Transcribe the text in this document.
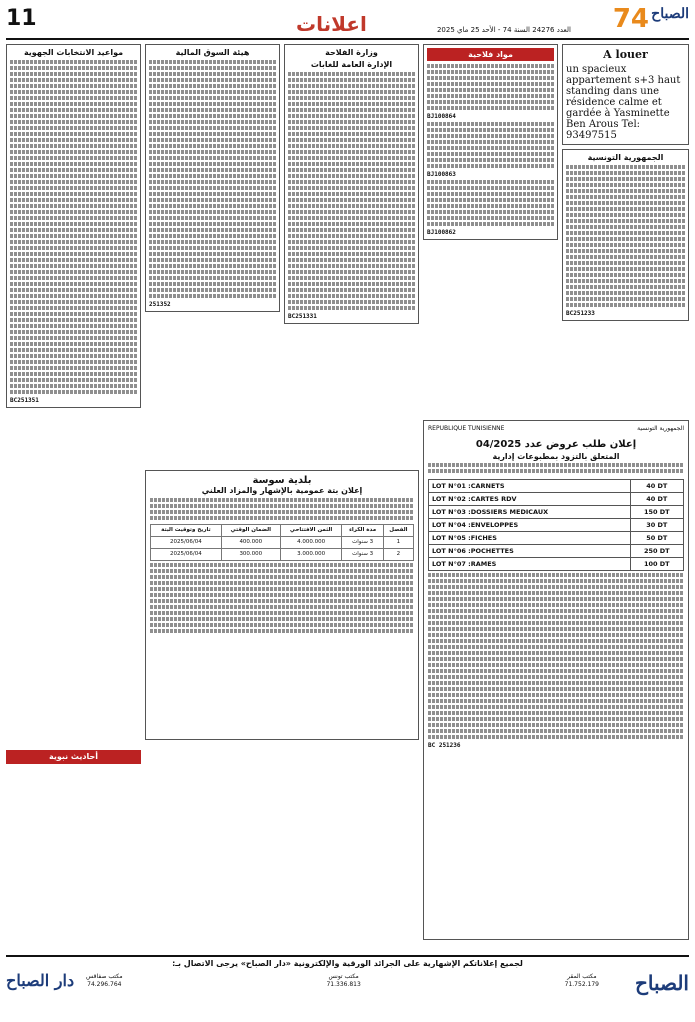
74 الصباح
العدد 24276 السنة 74 - الأحد 25 ماي 2025
اعلانات
11
مواعيد الانتخابات الجهوية
BC251351
هيئة السوق المالية
251352
وزارة الفلاحة
الإدارة العامة للغابات
BC251331
مواد فلاحية
BJ100864
BJ100863
BJ100862
A louer
un spacieux appartement s+3 haut standing dans une résidence calme et gardée à Yasminette Ben Arous Tel: 93497515
الجمهورية التونسية
BC251233
بلدية سوسة
إعلان بتة عمومية بالإشهار والمزاد العلني
الفصل	مدة الكراء	الثمن الافتتاحي	الضمان الوقتي	تاريخ وتوقيت البتة
1	3 سنوات	4.000.000	400.000	2025/06/04
2	3 سنوات	3.000.000	300.000	2025/06/04
الجمهورية التونسية
REPUBLIQUE TUNISIENNE
إعلان طلب عروض عدد 04/2025
المتعلق بالتزود بمطبوعات إدارية
40 DT	LOT N°01 :CARNETS
40 DT	LOT N°02 :CARTES RDV
150 DT	LOT N°03 :DOSSIERS MEDICAUX
30 DT	LOT N°04 :ENVELOPPES
50 DT	LOT N°05 :FICHES
250 DT	LOT N°06 :POCHETTES
100 DT	LOT N°07 :RAMES
BC 251236
أحاديث نبوية
لجميع إعلاناتكم الإشهارية على الجرائد الورقية والإلكترونية «دار الصباح» يرجى الاتصال بـ:
الصباح
دار الصباح	مكتب المقر
71.752.179
مكتب تونس
71.336.813
مكتب صفاقس
74.296.764
